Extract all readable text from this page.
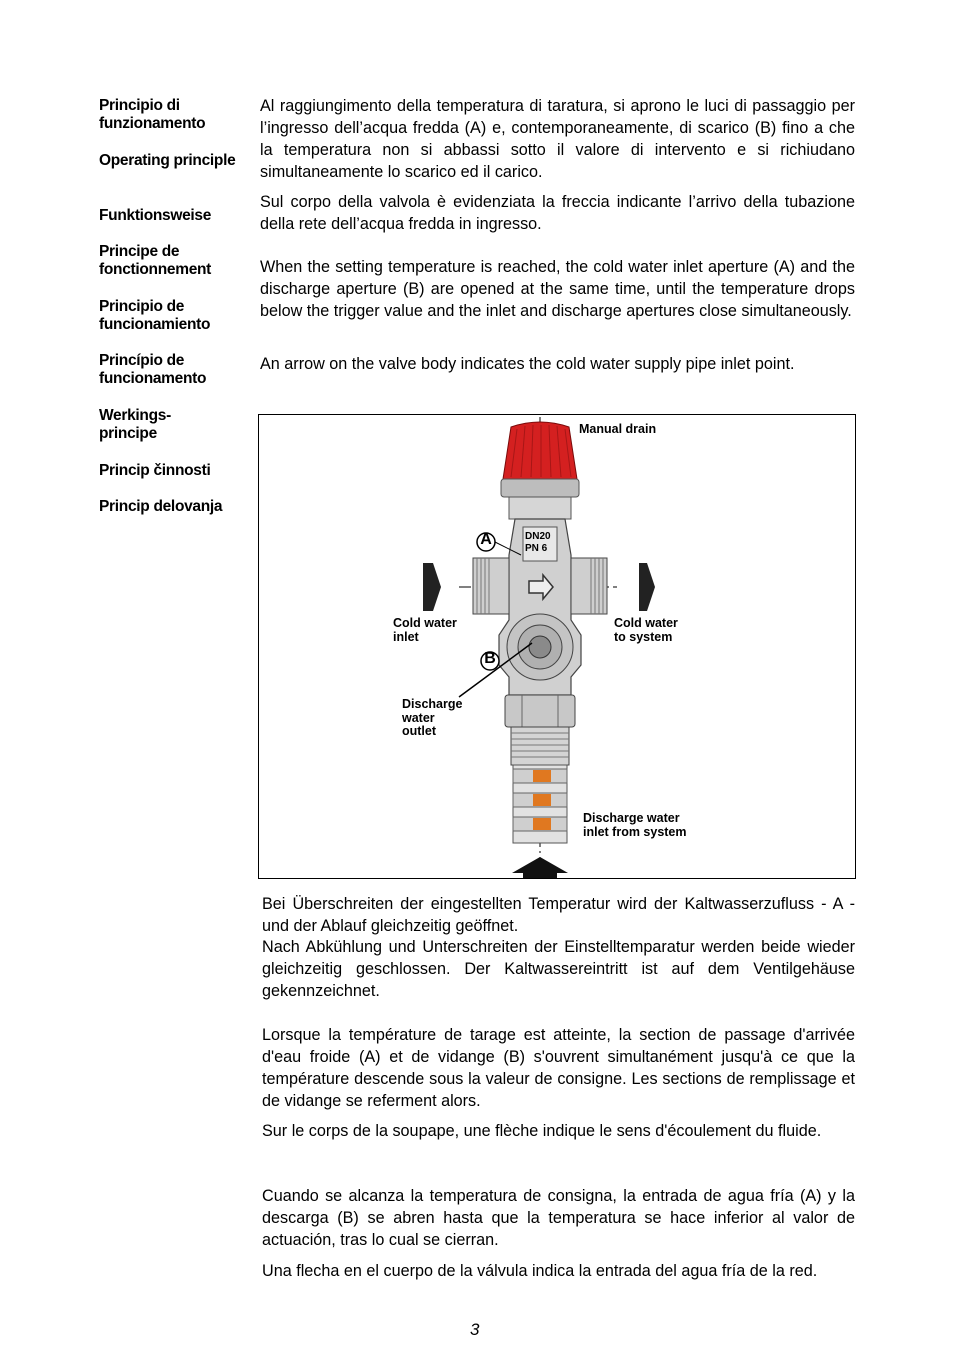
Principio di funzionamento
Operating principle
Funktionsweise
Principe de fonctionnement
Principio de funcionamiento
Princípio de funcionamento
Werkings-principe
Princip činnosti
Princip delovanja
Al raggiungimento della temperatura di taratura, si aprono le luci di passaggio per l’ingresso dell’acqua fredda (A) e, contemporaneamente, di scarico (B) fino a che la temperatura non si abbassi sotto il valore di intervento e si richiudano simultaneamente lo scarico ed il carico.
Sul corpo della valvola è evidenziata la freccia indicante l’arrivo della tubazione della rete dell’acqua fredda in ingresso.
When the setting temperature is reached, the cold water inlet aperture (A) and the discharge aperture (B) are opened at the same time, until the temperature drops below the trigger value and the inlet and discharge apertures close simultaneously.
An arrow on the valve body indicates the cold water supply pipe inlet point.
Manual drain
Cold water
inlet
Cold water
to system
Discharge
water
outlet
Discharge water
inlet from system
A
B
DN20
PN 6
Bei Überschreiten der eingestellten Temperatur wird der Kaltwasserzufluss - A - und der Ablauf gleichzeitig geöffnet.
Nach Abkühlung und Unterschreiten der Einstelltemparatur werden beide wieder gleichzeitig geschlossen. Der Kaltwassereintritt ist auf dem Ventilgehäuse gekennzeichnet.
Lorsque la température de tarage est atteinte, la section de passage d'arrivée d'eau froide (A) et de vidange (B) s'ouvrent simultanément jusqu'à ce que la température descende sous la valeur de consigne. Les sections de remplissage et de vidange se referment alors.
Sur le corps de la soupape, une flèche indique le sens d'écoulement du fluide.
Cuando se alcanza la temperatura de consigna, la entrada de agua fría (A) y la descarga (B) se abren hasta que la temperatura se hace inferior al valor de actuación, tras lo cual se cierran.
Una flecha en el cuerpo de la válvula indica la entrada del agua fría de la red.
3
